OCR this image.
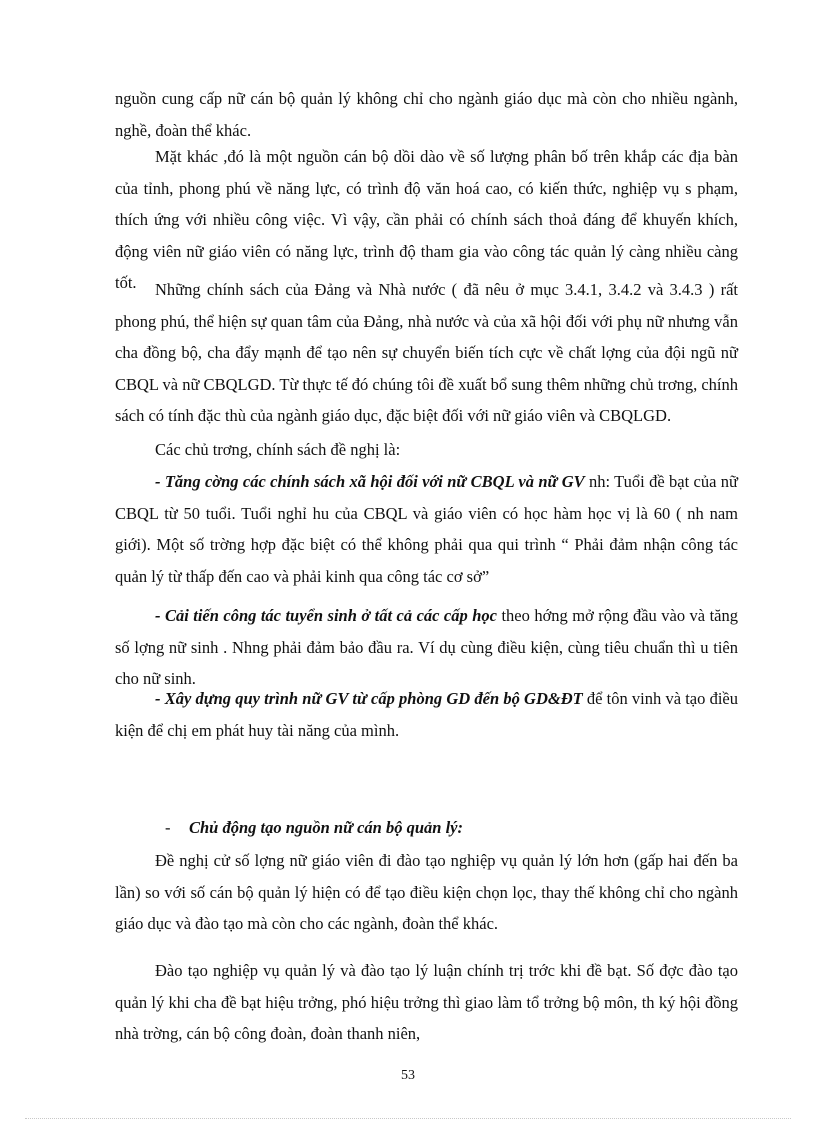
nguồn cung cấp nữ cán bộ quản lý không chỉ cho ngành giáo dục mà còn cho nhiều ngành, nghề, đoàn thể khác.

Mặt khác ,đó là một nguồn cán bộ dồi dào về số lượng phân bố trên khắp các địa bàn của tỉnh, phong phú về năng lực, có trình độ văn hoá cao, có kiến thức, nghiệp vụ s phạm, thích ứng với nhiều công việc. Vì vậy, cần phải có chính sách thoả đáng để khuyến khích, động viên nữ giáo viên có năng lực, trình độ tham gia vào công tác quản lý càng nhiều càng tốt.	Những chính sách của Đảng và Nhà nước ( đã nêu ở mục 3.4.1, 3.4.2 và 3.4.3 ) rất phong phú, thể hiện sự quan tâm của Đảng, nhà nước và của xã hội đối với phụ nữ nhưng vẫn cha đồng bộ, cha đẩy mạnh để tạo nên sự chuyển biến tích cực về chất lợng của đội ngũ nữ CBQL và nữ CBQLGD. Từ thực tế đó chúng tôi đề xuất bổ sung thêm những chủ trơng, chính sách có tính đặc thù của ngành giáo dục, đặc biệt đối với nữ giáo viên và CBQLGD.

Các chủ trơng, chính sách đề nghị là:

- Tăng cờng các chính sách xã hội đối với nữ CBQL và nữ GV nh: Tuổi đề bạt của nữ CBQL từ 50 tuổi. Tuổi nghỉ hu của CBQL và giáo viên có học hàm học vị là 60 ( nh nam giới). Một số trờng hợp đặc biệt có thể không phải qua qui trình “ Phải đảm nhận công tác quản lý từ thấp đến cao và phải kinh qua công tác cơ sở”

- Cải tiến công tác tuyển sinh ở tất cả các cấp học theo hớng mở rộng đầu vào và tăng số lợng nữ sinh . Nhng phải đảm bảo đầu ra. Ví dụ cùng điều kiện, cùng tiêu chuẩn thì u tiên cho nữ sinh.

- Xây dựng quy trình nữ GV từ cấp phòng GD đến bộ GD&ĐT để tôn vinh và tạo điều kiện để chị em phát huy tài năng của mình.

- Chủ động tạo nguồn nữ cán bộ quản lý:

Đề nghị cử số lợng nữ giáo viên đi đào tạo nghiệp vụ quản lý lớn hơn (gấp hai đến ba lần) so với số cán bộ quản lý hiện có để tạo điều kiện chọn lọc, thay thế không chỉ cho ngành giáo dục và đào tạo mà còn cho các ngành, đoàn thể khác.

Đào tạo nghiệp vụ quản lý và đào tạo lý luận chính trị trớc khi đề bạt. Số đợc đào tạo quản lý khi cha đề bạt hiệu trởng, phó hiệu trởng thì giao làm tổ trởng bộ môn, th ký hội đồng nhà trờng, cán bộ công đoàn, đoàn thanh niên,

53
